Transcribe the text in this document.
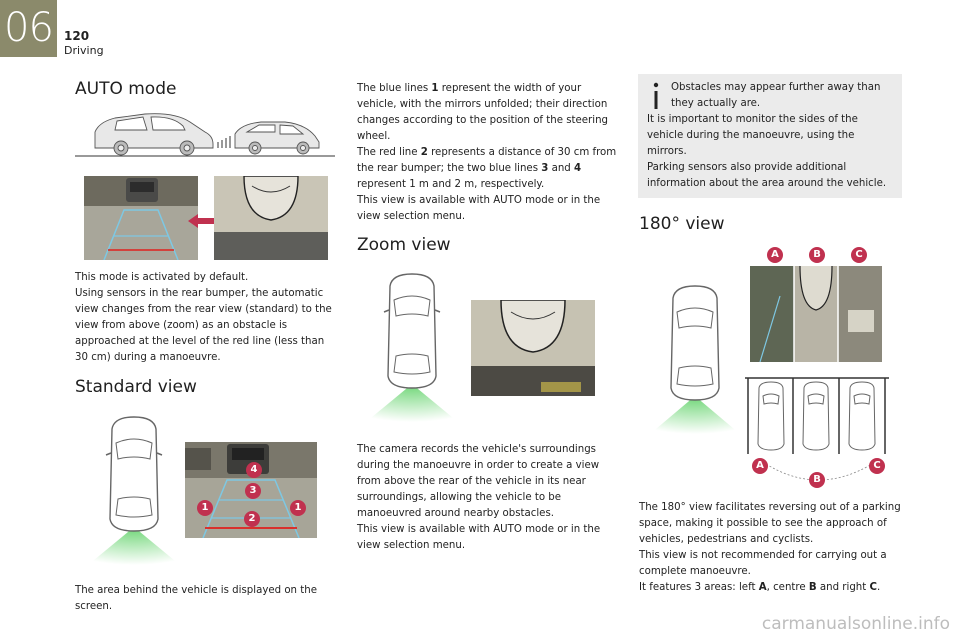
06 120
Driving
AUTO mode

This mode is activated by default.
Using sensors in the rear bumper, the automatic view changes from the rear view (standard) to the view from above (zoom) as an obstacle is approached at the level of the red line (less than 30 cm) during a manoeuvre.

Standard view
4
3
1
2
1

The area behind the vehicle is displayed on the screen.

The blue lines 1 represent the width of your vehicle, with the mirrors unfolded; their direction changes according to the position of the steering wheel.

The red line 2 represents a distance of 30 cm from the rear bumper; the two blue lines 3 and 4 represent 1 m and 2 m, respectively.

This view is available with AUTO mode or in the view selection menu.

Zoom view

The camera records the vehicle's surroundings during the manoeuvre in order to create a view from above the rear of the vehicle in its near surroundings, allowing the vehicle to be manoeuvred around nearby obstacles.
This view is available with AUTO mode or in the view selection menu.

Obstacles may appear further away than they actually are.

It is important to monitor the sides of the vehicle during the manoeuvre, using the mirrors.

Parking sensors also provide additional information about the area around the vehicle.

180° view
A	B	C
A
B
C

The 180° view facilitates reversing out of a parking space, making it possible to see the approach of vehicles, pedestrians and cyclists.
This view is not recommended for carrying out a complete manoeuvre.

It features 3 areas: left A, centre B and right C.

carmanualsonline.info
